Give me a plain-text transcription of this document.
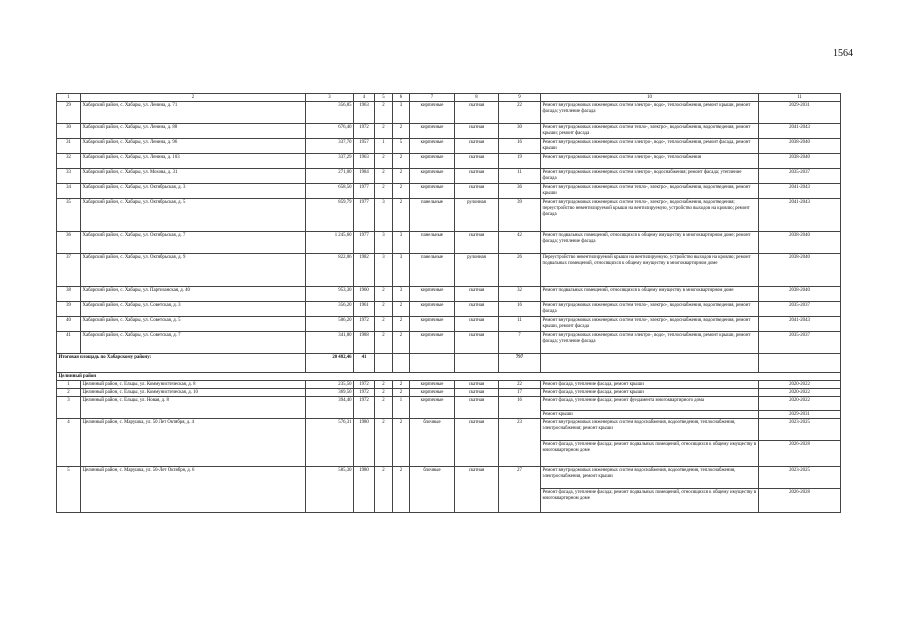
1564
1	2	3	4	5	6	7	8	9	10	11
29	Хабарский район, с. Хабары, ул. Ленина, д. 71	356,85	1963	2	3	кирпичные	скатная	22	Ремонт внутридомовых инженерных систем электро-, водо-, теплоснабжения, ремонт крыши, ремонт фасада; утепление фасада	2029-2031
30	Хабарский район, с. Хабары, ул. Ленина, д. 88	676,40	1972	2	2	кирпичные	скатная	30	Ремонт внутридомовых инженерных систем тепло-, электро-, водоснабжения, водоотведения, ремонт крыши; ремонт фасада	2041-2043
31	Хабарский район, с. Хабары, ул. Ленина, д. 96	337,70	1957	1	5	кирпичные	скатная	16	Ремонт внутридомовых инженерных систем электро-, водо-, теплоснабжения, ремонт фасада, ремонт крыши	2038-2040
32	Хабарский район, с. Хабары, ул. Ленина, д. 103	337,29	1963	2	2	кирпичные	скатная	19	Ремонт внутридомовых инженерных систем электро-, водо-, теплоснабжения	2038-2040
33	Хабарский район, с. Хабары, ул. Мохова, д. 31	271,00	1984	2	2	кирпичные	скатная	11	Ремонт внутридомовых инженерных систем электро-, водоснабжения; ремонт фасада; утепление фасада	2035-2037
34	Хабарский район, с. Хабары, ул. Октябрьская, д. 3	658,50	1977	2	2	кирпичные	скатная	36	Ремонт внутридомовых инженерных систем тепло-, электро-, водоснабжения, водоотведения, ремонт крыши	2041-2043
35	Хабарский район, с. Хабары, ул. Октябрьская, д. 5	859,79	1977	3	2	панельные	рулонная	39	Ремонт внутридомовых инженерных систем тепло-, электро-, водоснабжения, водоотведения; переустройство невентилируемой крыши на вентилируемую, устройство выходов на кровлю; ремонт фасада	2041-2043
36	Хабарский район, с. Хабары, ул. Октябрьская, д. 7	1 245,60	1977	3	3	панельные	скатная	42	Ремонт подвальных помещений, относящихся к общему имуществу в многоквартирном доме; ремонт фасада; утепление фасада	2038-2040
37	Хабарский район, с. Хабары, ул. Октябрьская, д. 9	822,06	1982	3	3	панельные	рулонная	26	Переустройство невентилируемой крыши на вентилируемую, устройство выходов на кровлю; ремонт подвальных помещений, относящихся к общему имуществу в многоквартирном доме	2038-2040
38	Хабарский район, с. Хабары, ул. Партизанская, д. 40	953,30	1960	2	3	кирпичные	скатная	32	Ремонт подвальных помещений, относящихся к общему имуществу в многоквартирном доме	2038-2040
39	Хабарский район, с. Хабары, ул. Советская, д. 3	356,20	1961	2	2	кирпичные	скатная	16	Ремонт внутридомовых инженерных систем тепло-, электро-, водоснабжения, водоотведения, ремонт фасада	2035-2037
40	Хабарский район, с. Хабары, ул. Советская, д. 5	506,20	1972	2	2	кирпичные	скатная	11	Ремонт внутридомовых инженерных систем тепло-, электро-, водоснабжения, водоотведения, ремонт крыши, ремонт фасада	2041-2043
41	Хабарский район, с. Хабары, ул. Советская, д. 7	341,80	1988	2	2	кирпичные	скатная	7	Ремонт внутридомовых инженерных систем электро-, водо-, теплоснабжения, ремонт крыши, ремонт фасада; утепление фасада	2035-2037
Итоговая площадь по Хабарскому району:		20 482,46	41					797		
Целинный район										
1	Целинный район, с. Ельцы, ул. Коммунистическая, д. 8	235,50	1972	2	2	кирпичные	скатная	22	Ремонт фасада, утепление фасада, ремонт крыши	2020-2022
2	Целинный район, с. Ельцы, ул. Коммунистическая, д. 10	369,50	1972	2	2	кирпичные	скатная	17	Ремонт фасада, утепление фасада, ремонт крыши	2020-2022
3	Целинный район, с. Ельцы, ул. Новая, д. 8	394,40	1972	2	1	кирпичные	скатная	16	Ремонт фасада, утепление фасада; ремонт фундамента многоквартирного дома	2020-2022
									Ремонт крыши	2029-2031
4	Целинный район, с. Марушка, ул. 50 Лет Октября, д. 4	576,31	1980	2	2	блочные	скатная	23	Ремонт внутридомовых инженерных систем водоснабжения, водоотведения, теплоснабжения, электроснабжения; ремонт крыши	2023-2025
									Ремонт фасада, утепление фасада; ремонт подвальных помещений, относящихся к общему имуществу в многоквартирном доме	2026-2028
5	Целинный район, с. Марушка, ул. 50-Лет Октября, д. 6	585,30	1980	2	2	блочные	скатная	27	Ремонт внутридомовых инженерных систем водоснабжения, водоотведения, теплоснабжения, электроснабжения, ремонт крыши	2023-2025
									Ремонт фасада, утепление фасада; ремонт подвальных помещений, относящихся к общему имуществу в многоквартирном доме	2026-2028
